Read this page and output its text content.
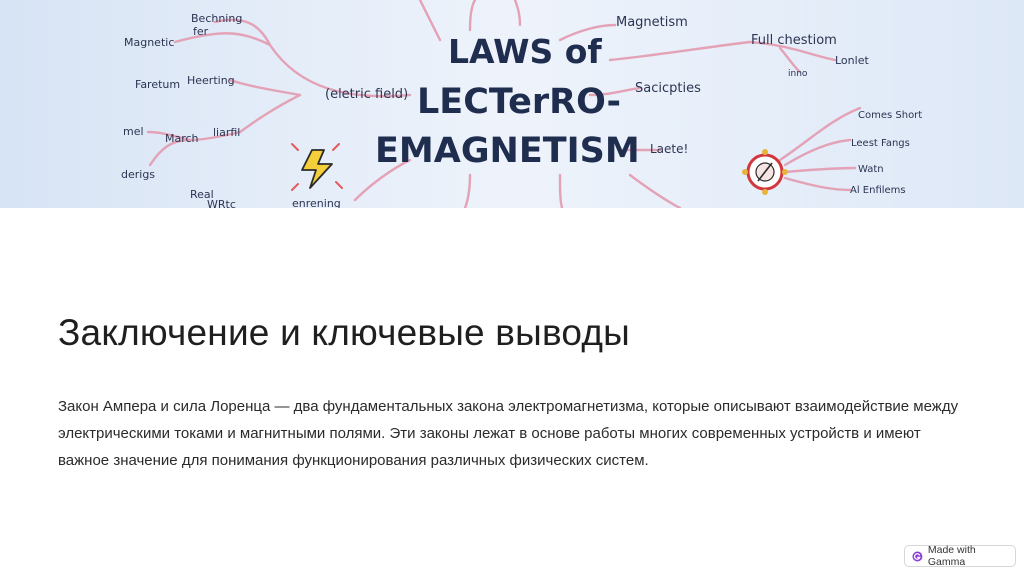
LAWS of
LECTerRO-
EMAGNETISM
Magnetic
Bechning
fer
Faretum Heerting
(eletric field)
mel
March liarfil
derigs
Real
WRtc	enrening
Magnetism
Full chestiom
Lonlet
inno
Sacicpties
Laete!
Comes Short
Leest Fangs
Watn
Al Enfilems
Заключение и ключевые выводы

Закон Ампера и сила Лоренца — два фундаментальных закона электромагнетизма, которые описывают взаимодействие между электрическими токами и магнитными полями. Эти законы лежат в основе работы многих современных устройств и имеют важное значение для понимания функционирования различных физических систем.

Made with Gamma
